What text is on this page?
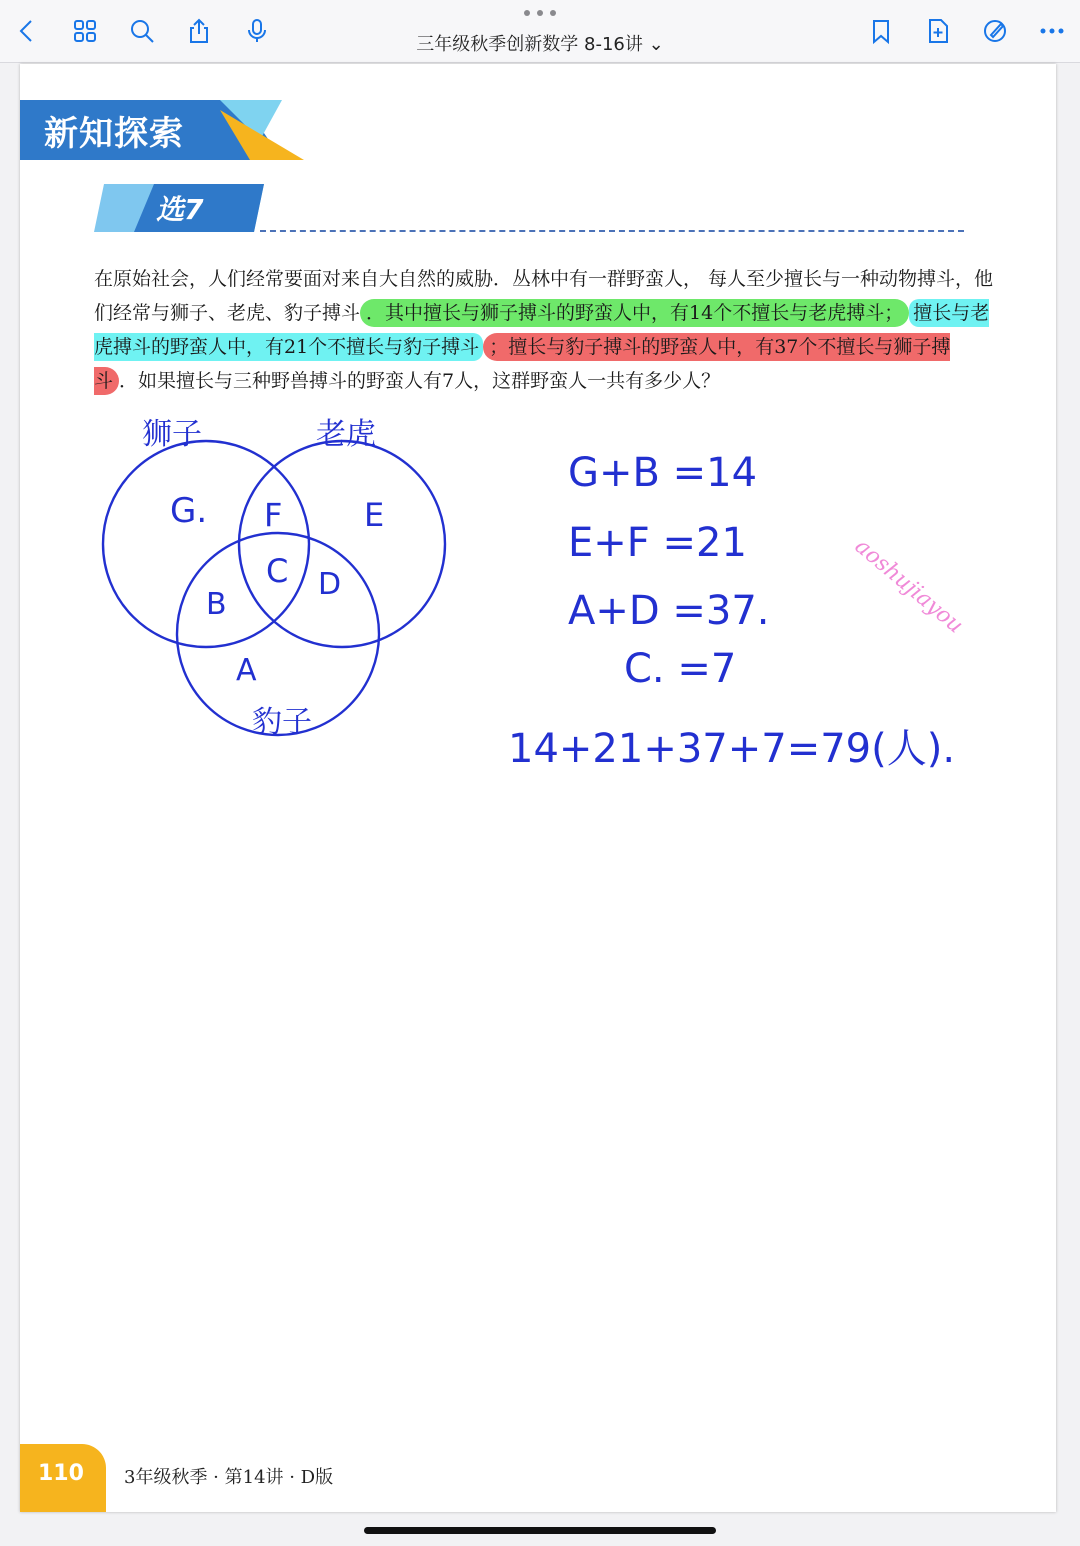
三年级秋季创新数学 8-16讲 ⌄
新知探索
选7
在原始社会，人们经常要面对来自大自然的威胁．丛林中有一群野蛮人， 每人至少擅长与一种动物搏斗，他们经常与狮子、老虎、豹子搏斗 ．其中擅长与狮子搏斗的野蛮人中，有14个不擅长与老虎搏斗； 擅长与老虎搏斗的野蛮人中，有21个不擅长与豹子搏斗 ；擅长与豹子搏斗的野蛮人中，有37个不擅长与狮子搏斗 ．如果擅长与三种野兽搏斗的野蛮人有7人，这群野蛮人一共有多少人？
狮子	老虎
豹子
G. F	E
C
B
D
A
G+B =14
E+F =21
A+D =37.
C. =7
14+21+37+7=79(人).
aoshujiayou
110 3年级秋季 · 第14讲 · D版
